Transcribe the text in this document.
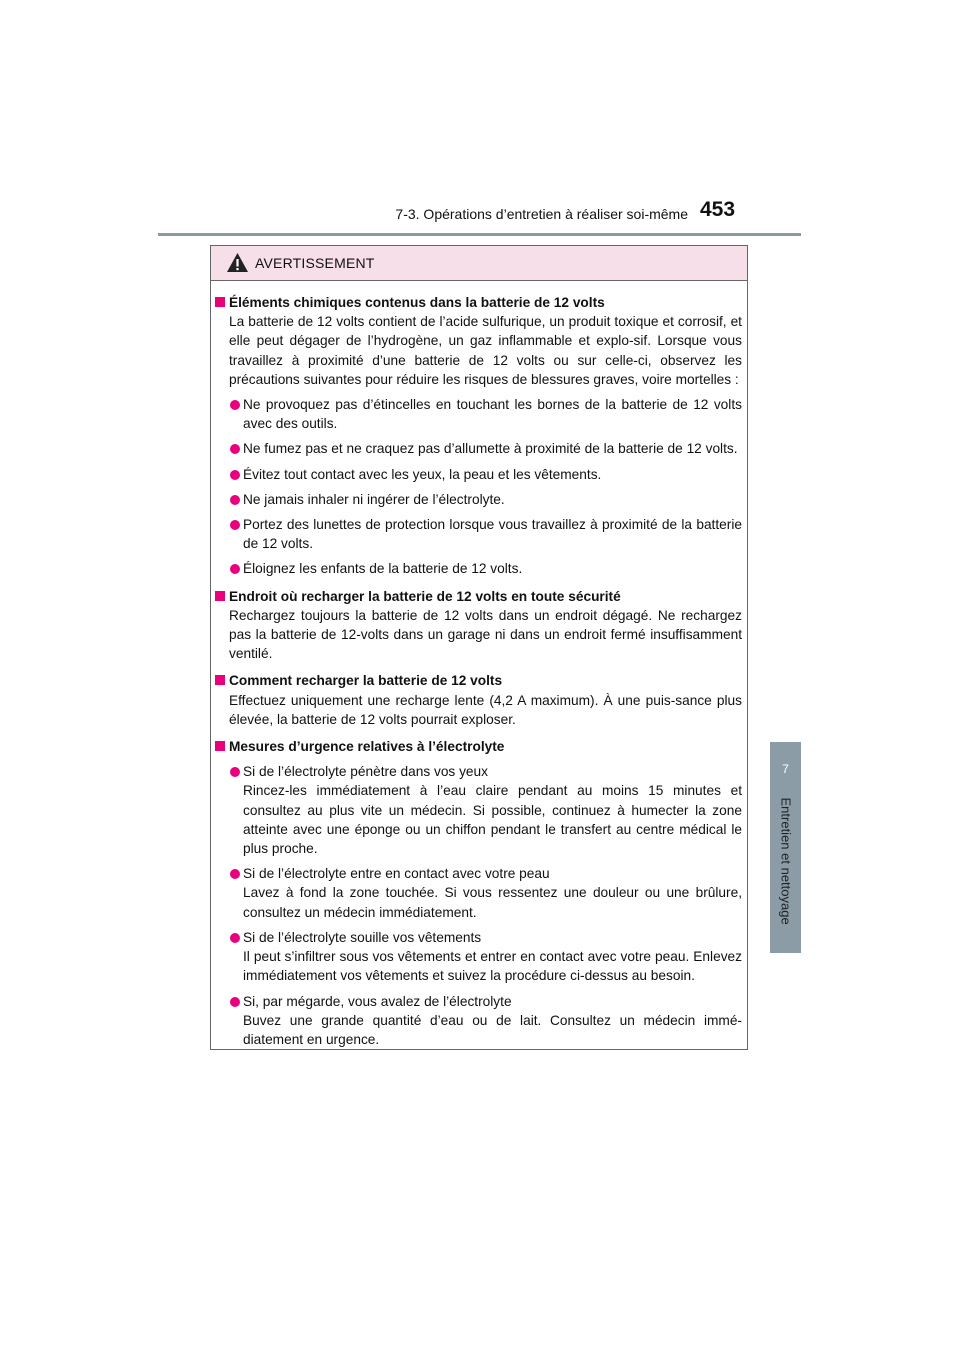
7-3. Opérations d’entretien à réaliser soi-même 453
7
Entretien et nettoyage
AVERTISSEMENT
Éléments chimiques contenus dans la batterie de 12 volts
La batterie de 12 volts contient de l’acide sulfurique, un produit toxique et corrosif, et elle peut dégager de l’hydrogène, un gaz inflammable et explo-sif. Lorsque vous travaillez à proximité d’une batterie de 12 volts ou sur celle-ci, observez les précautions suivantes pour réduire les risques de blessures graves, voire mortelles :
Ne provoquez pas d’étincelles en touchant les bornes de la batterie de 12 volts avec des outils.
Ne fumez pas et ne craquez pas d’allumette à proximité de la batterie de 12 volts.
Évitez tout contact avec les yeux, la peau et les vêtements.
Ne jamais inhaler ni ingérer de l’électrolyte.
Portez des lunettes de protection lorsque vous travaillez à proximité de la batterie de 12 volts.
Éloignez les enfants de la batterie de 12 volts.
Endroit où recharger la batterie de 12 volts en toute sécurité
Rechargez toujours la batterie de 12 volts dans un endroit dégagé. Ne rechargez pas la batterie de 12-volts dans un garage ni dans un endroit fermé insuffisamment ventilé.
Comment recharger la batterie de 12 volts
Effectuez uniquement une recharge lente (4,2 A maximum). À une puis-sance plus élevée, la batterie de 12 volts pourrait exploser.
Mesures d’urgence relatives à l’électrolyte
Si de l’électrolyte pénètre dans vos yeux
Rincez-les immédiatement à l’eau claire pendant au moins 15 minutes et consultez au plus vite un médecin. Si possible, continuez à humecter la zone atteinte avec une éponge ou un chiffon pendant le transfert au centre médical le plus proche.
Si de l’électrolyte entre en contact avec votre peau
Lavez à fond la zone touchée. Si vous ressentez une douleur ou une brûlure, consultez un médecin immédiatement.
Si de l’électrolyte souille vos vêtements
Il peut s’infiltrer sous vos vêtements et entrer en contact avec votre peau. Enlevez immédiatement vos vêtements et suivez la procédure ci-dessus au besoin.
Si, par mégarde, vous avalez de l’électrolyte
Buvez une grande quantité d’eau ou de lait. Consultez un médecin immé-diatement en urgence.
